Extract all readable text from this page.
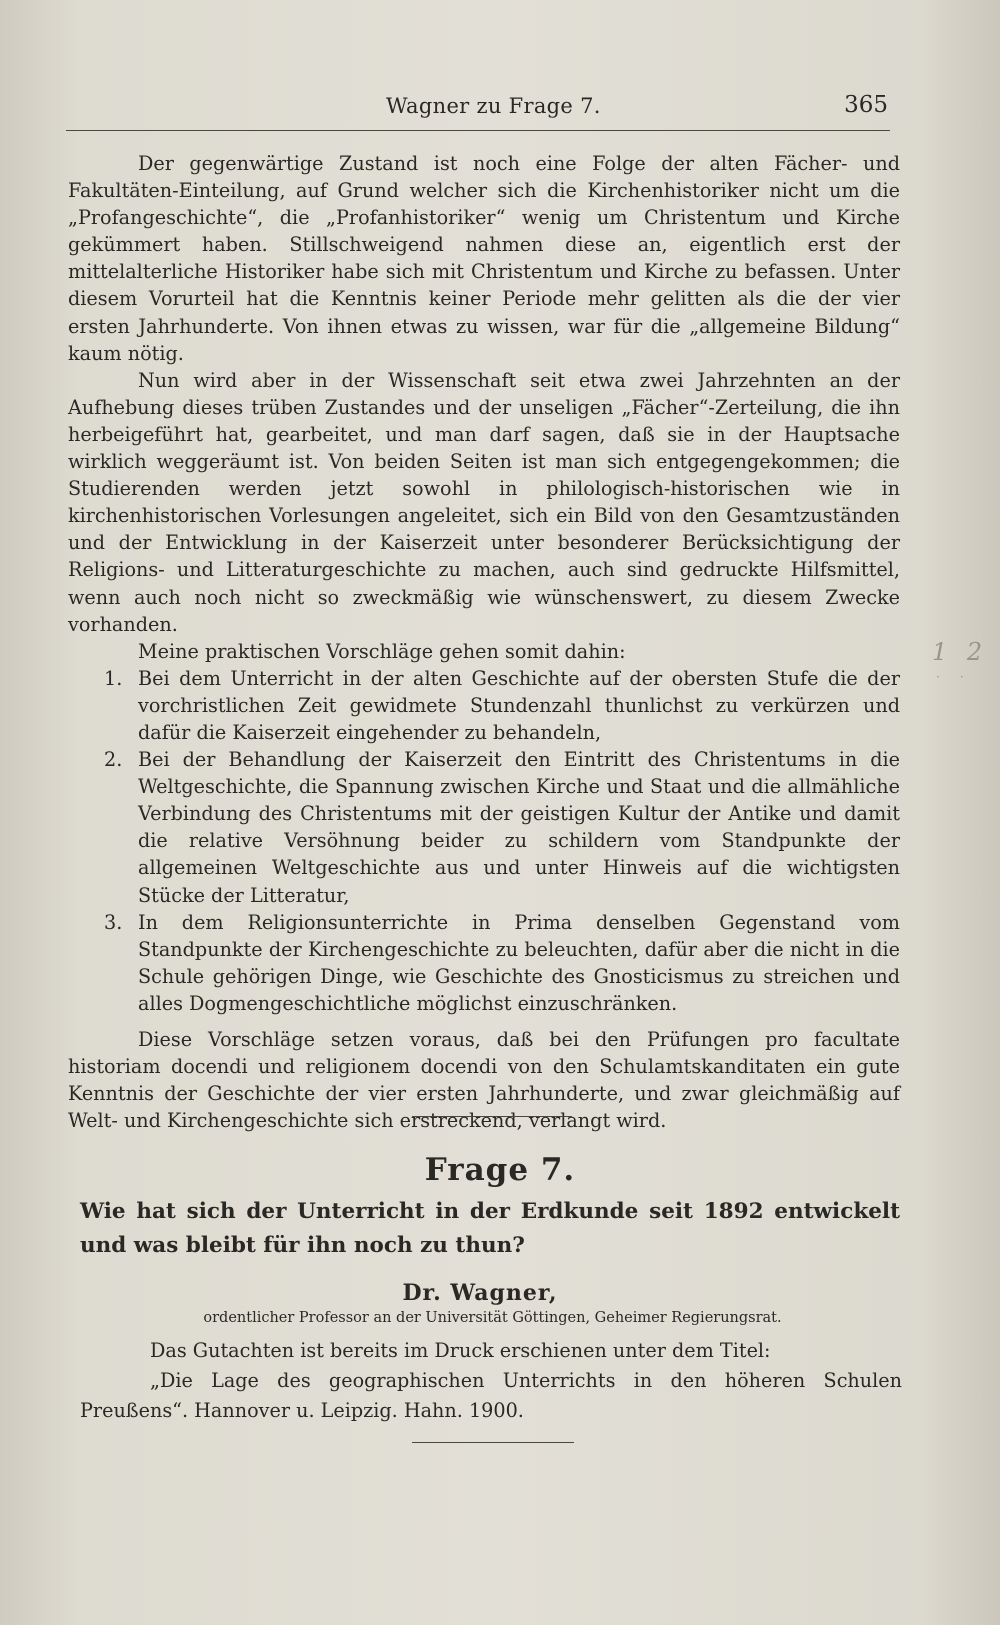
Wagner zu Frage 7.	365

Der gegenwärtige Zustand ist noch eine Folge der alten Fächer- und Fakultäten-Einteilung, auf Grund welcher sich die Kirchenhistoriker nicht um die „Profangeschichte“, die „Profanhistoriker“ wenig um Christentum und Kirche gekümmert haben. Stillschweigend nahmen diese an, eigentlich erst der mittelalterliche Historiker habe sich mit Christentum und Kirche zu befassen. Unter diesem Vorurteil hat die Kenntnis keiner Periode mehr gelitten als die der vier ersten Jahrhunderte. Von ihnen etwas zu wissen, war für die „allgemeine Bildung“ kaum nötig.

Nun wird aber in der Wissenschaft seit etwa zwei Jahrzehnten an der Aufhebung dieses trüben Zustandes und der unseligen „Fächer“-Zerteilung, die ihn herbeigeführt hat, gearbeitet, und man darf sagen, daß sie in der Hauptsache wirklich weggeräumt ist. Von beiden Seiten ist man sich entgegengekommen; die Studierenden werden jetzt sowohl in philologisch-historischen wie in kirchenhistorischen Vorlesungen angeleitet, sich ein Bild von den Gesamtzuständen und der Entwicklung in der Kaiserzeit unter besonderer Berücksichtigung der Religions- und Litteraturgeschichte zu machen, auch sind gedruckte Hilfsmittel, wenn auch noch nicht so zweckmäßig wie wünschenswert, zu diesem Zwecke vorhanden.

Meine praktischen Vorschläge gehen somit dahin:

1. Bei dem Unterricht in der alten Geschichte auf der obersten Stufe die der vorchristlichen Zeit gewidmete Stundenzahl thunlichst zu verkürzen und dafür die Kaiserzeit eingehender zu behandeln,
2. Bei der Behandlung der Kaiserzeit den Eintritt des Christentums in die Weltgeschichte, die Spannung zwischen Kirche und Staat und die allmähliche Verbindung des Christentums mit der geistigen Kultur der Antike und damit die relative Versöhnung beider zu schildern vom Standpunkte der allgemeinen Weltgeschichte aus und unter Hinweis auf die wichtigsten Stücke der Litteratur,
3. In dem Religionsunterrichte in Prima denselben Gegenstand vom Standpunkte der Kirchengeschichte zu beleuchten, dafür aber die nicht in die Schule gehörigen Dinge, wie Geschichte des Gnosticismus zu streichen und alles Dogmengeschichtliche möglichst einzuschränken.

Diese Vorschläge setzen voraus, daß bei den Prüfungen pro facultate historiam docendi und religionem docendi von den Schulamtskanditaten ein gute Kenntnis der Geschichte der vier ersten Jahrhunderte, und zwar gleichmäßig auf Welt- und Kirchengeschichte sich erstreckend, verlangt wird.

Frage 7.
Wie hat sich der Unterricht in der Erdkunde seit 1892 entwickelt und was bleibt für ihn noch zu thun?
Dr. Wagner,
ordentlicher Professor an der Universität Göttingen, Geheimer Regierungsrat.

Das Gutachten ist bereits im Druck erschienen unter dem Titel:

„Die Lage des geographischen Unterrichts in den höheren Schulen Preußens“. Hannover u. Leipzig. Hahn. 1900.

1 2
··
